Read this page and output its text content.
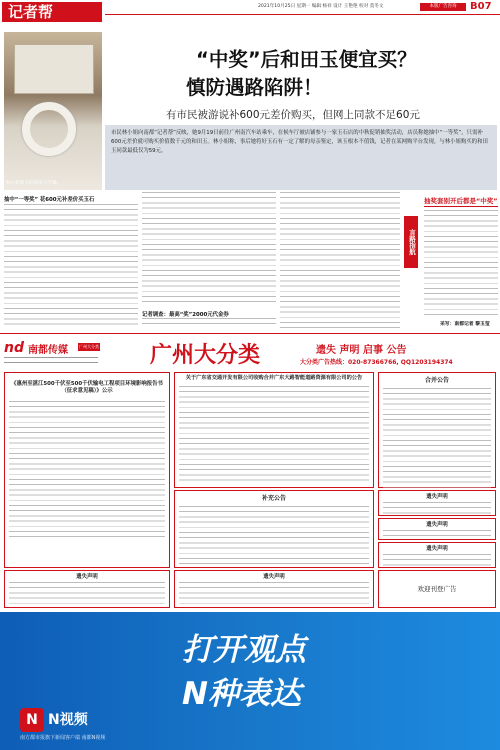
记者帮	2021年10月25日 星期一 编辑 杨祥 设计 王艳艳 校对 莫冬文	本版广告咨询	B07
林小姐购买的和田玉手镯。
“中奖”后和田玉便宜买？
慎防遇路陷阱！
有市民被游说补600元差价购买，但网上同款不足60元
市民林小姐向南都“记者帮”反映，她9月19日前往广州南汽车站乘车，在候车厅被店铺参与一家玉石店的中秋促销抽奖活动，店员称她抽中“一等奖”，只需补600元差价就可购买价值数千元的和田玉。林小姐称，事后她将好玉石有一定了解的母亲鉴定，该玉根本不值钱，记者在某网购平台发现，与林小姐购买的和田玉同款最低仅为59元。
抽中“一等奖” 花600元补差价买玉石
记者调查：最高“奖”2000元代金券
言路指航
抽奖套别开后都是“中奖”
采写：南都记者 黎玉莹
nd 南都传媒	广州大分类 广州大分类	遗失 声明 启事 公告
大分类广告热线：020-87366766, QQ1203194374
关于广东省交通开发有限公司收购合并广东大路智能道路资源有限公司的公告	合并公告
补充公告
《惠州至湛江500千伏至500千伏输电工程项目环境影响报告书（征求意见稿）》公示
遗失声明
遗失声明
遗失声明
遗失声明	遗失声明
欢迎刊登广告
打开观点
N种表达
N N视频
南方都市报旗下新闻客户端 南都N视频
